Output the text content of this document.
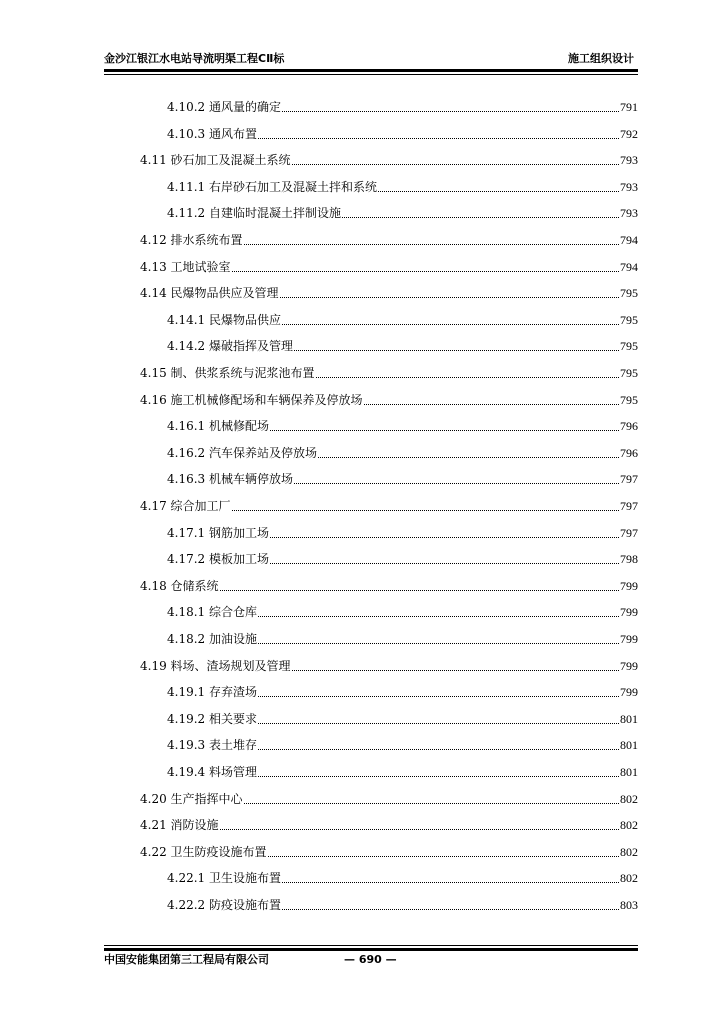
金沙江银江水电站导流明渠工程CⅡ标	施工组织设计
4.10.2 通风量的确定	791
4.10.3 通风布置	792
4.11 砂石加工及混凝土系统	793
4.11.1 右岸砂石加工及混凝土拌和系统	793
4.11.2 自建临时混凝土拌制设施	793
4.12 排水系统布置	794
4.13 工地试验室	794
4.14 民爆物品供应及管理	795
4.14.1 民爆物品供应	795
4.14.2 爆破指挥及管理	795
4.15 制、供浆系统与泥浆池布置	795
4.16 施工机械修配场和车辆保养及停放场	795
4.16.1 机械修配场	796
4.16.2 汽车保养站及停放场	796
4.16.3 机械车辆停放场	797
4.17 综合加工厂	797
4.17.1 钢筋加工场	797
4.17.2 模板加工场	798
4.18 仓储系统	799
4.18.1 综合仓库	799
4.18.2 加油设施	799
4.19 料场、渣场规划及管理	799
4.19.1 存弃渣场	799
4.19.2 相关要求	801
4.19.3 表土堆存	801
4.19.4 料场管理	801
4.20 生产指挥中心	802
4.21 消防设施	802
4.22 卫生防疫设施布置	802
4.22.1 卫生设施布置	802
4.22.2 防疫设施布置	803
中国安能集团第三工程局有限公司	— 690 —
